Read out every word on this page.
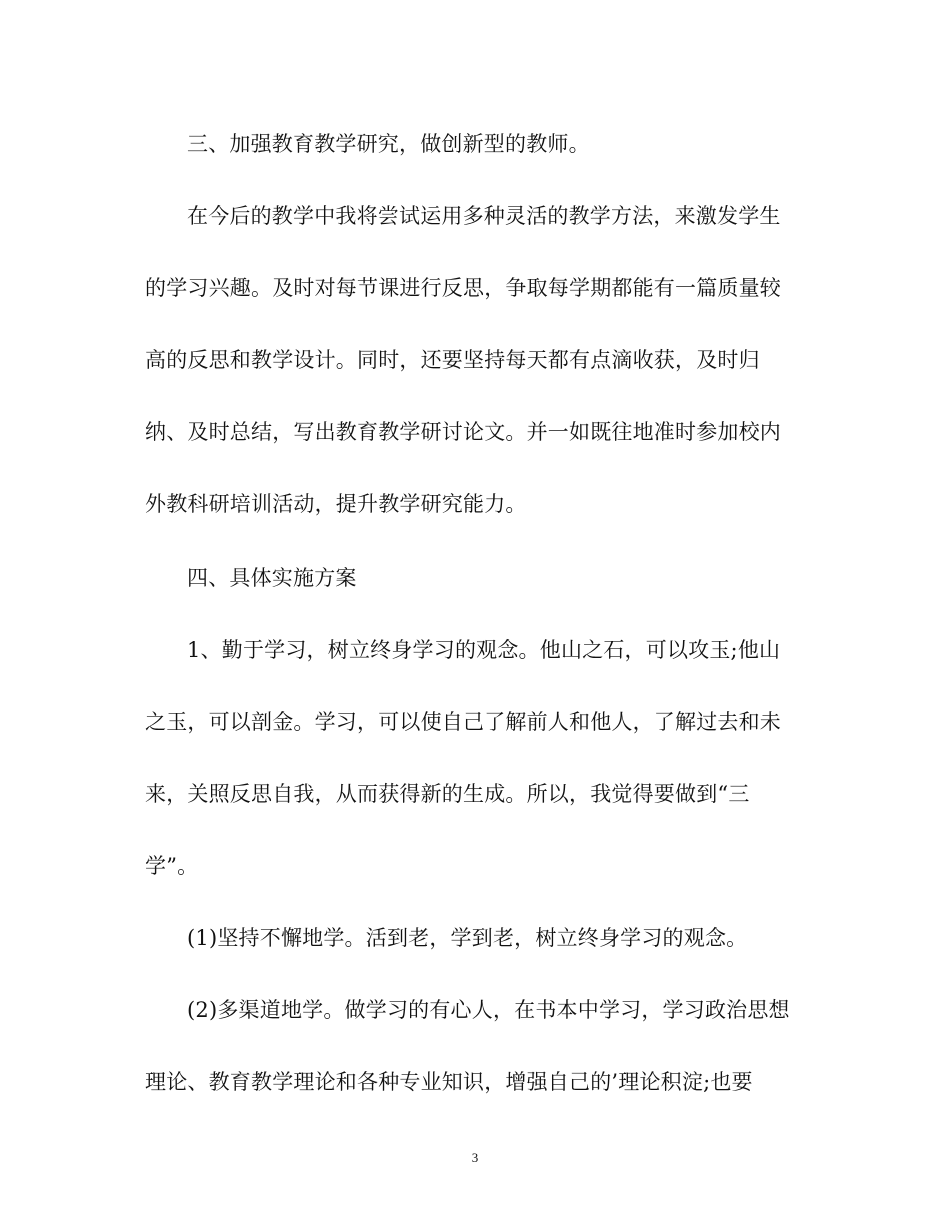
三、加强教育教学研究，做创新型的教师。
在今后的教学中我将尝试运用多种灵活的教学方法，来激发学生
的学习兴趣。及时对每节课进行反思，争取每学期都能有一篇质量较
高的反思和教学设计。同时，还要坚持每天都有点滴收获，及时归
纳、及时总结，写出教育教学研讨论文。并一如既往地准时参加校内
外教科研培训活动，提升教学研究能力。
四、具体实施方案
1、勤于学习，树立终身学习的观念。他山之石，可以攻玉;他山
之玉，可以剖金。学习，可以使自己了解前人和他人，了解过去和未
来，关照反思自我，从而获得新的生成。所以，我觉得要做到“三
学”。
(1)坚持不懈地学。活到老，学到老，树立终身学习的观念。
(2)多渠道地学。做学习的有心人，在书本中学习，学习政治思想
理论、教育教学理论和各种专业知识，增强自己的’理论积淀;也要
3
